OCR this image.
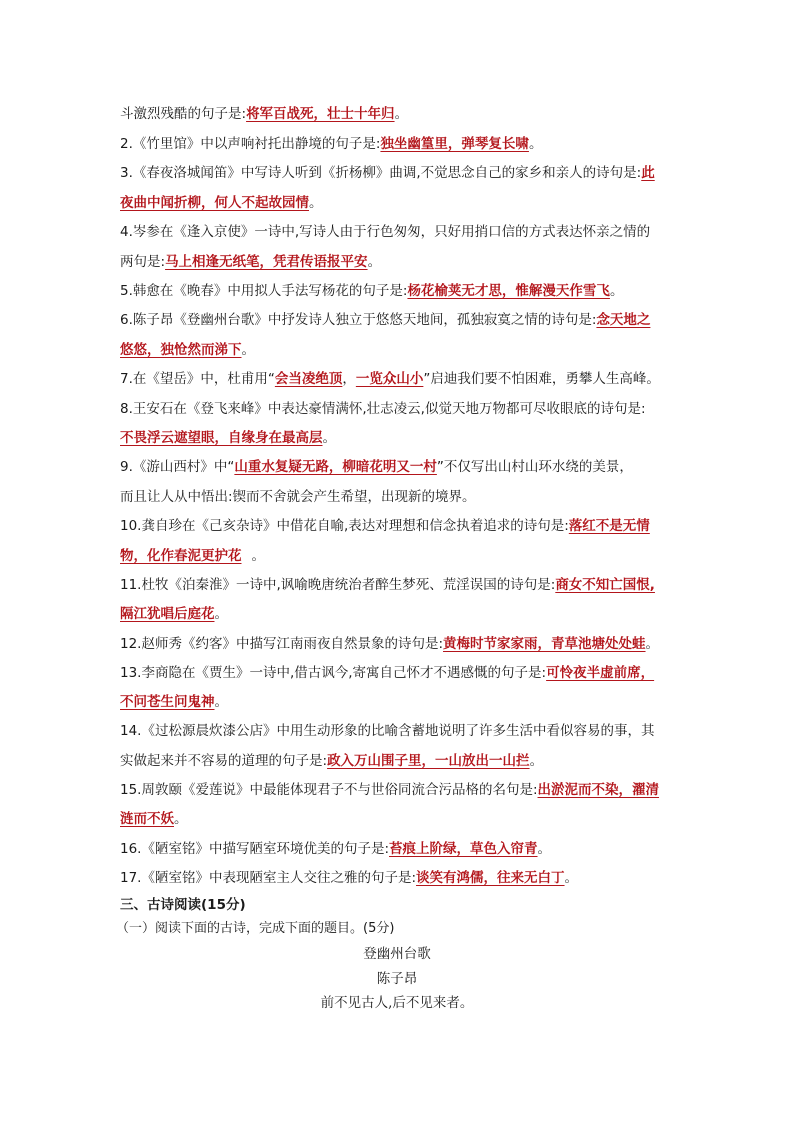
斗激烈残酷的句子是:将军百战死，壮士十年归。
2.《竹里馆》中以声响衬托出静境的句子是:独坐幽篁里，弹琴复长啸。
3.《春夜洛城闻笛》中写诗人听到《折杨柳》曲调,不觉思念自己的家乡和亲人的诗句是:此
夜曲中闻折柳，何人不起故园情。
4.岑参在《逢入京使》一诗中,写诗人由于行色匆匆，只好用捎口信的方式表达怀亲之情的
两句是:马上相逢无纸笔，凭君传语报平安。
5.韩愈在《晚春》中用拟人手法写杨花的句子是:杨花榆荚无才思，惟解漫天作雪飞。
6.陈子昂《登幽州台歌》中抒发诗人独立于悠悠天地间，孤独寂寞之情的诗句是:念天地之
悠悠，独怆然而涕下。
7.在《望岳》中，杜甫用“会当凌绝顶，一览众山小”启迪我们要不怕困难，勇攀人生高峰。
8.王安石在《登飞来峰》中表达豪情满怀,壮志凌云,似觉天地万物都可尽收眼底的诗句是:
不畏浮云遮望眼，自缘身在最高层。
9.《游山西村》中“山重水复疑无路，柳暗花明又一村”不仅写出山村山环水绕的美景，
而且让人从中悟出:锲而不舍就会产生希望，出现新的境界。
10.龚自珍在《己亥杂诗》中借花自喻,表达对理想和信念执着追求的诗句是:落红不是无情
物，化作春泥更护花 。
11.杜牧《泊秦淮》一诗中,讽喻晚唐统治者醉生梦死、荒淫误国的诗句是:商女不知亡国恨,
隔江犹唱后庭花。
12.赵师秀《约客》中描写江南雨夜自然景象的诗句是:黄梅时节家家雨，青草池塘处处蛙。
13.李商隐在《贾生》一诗中,借古讽今,寄寓自己怀才不遇感慨的句子是:可怜夜半虚前席，
不问苍生问鬼神。
14.《过松源晨炊漆公店》中用生动形象的比喻含蓄地说明了许多生活中看似容易的事，其
实做起来并不容易的道理的句子是:政入万山围子里，一山放出一山拦。
15.周敦颐《爱莲说》中最能体现君子不与世俗同流合污品格的名句是:出淤泥而不染，濯清
涟而不妖。
16.《陋室铭》中描写陋室环境优美的句子是:苔痕上阶绿，草色入帘青。
17.《陋室铭》中表现陋室主人交往之雅的句子是:谈笑有鸿儒，往来无白丁。
三、古诗阅读(15分)
（一）阅读下面的古诗，完成下面的题目。(5分)
登幽州台歌
陈子昂
前不见古人,后不见来者。
